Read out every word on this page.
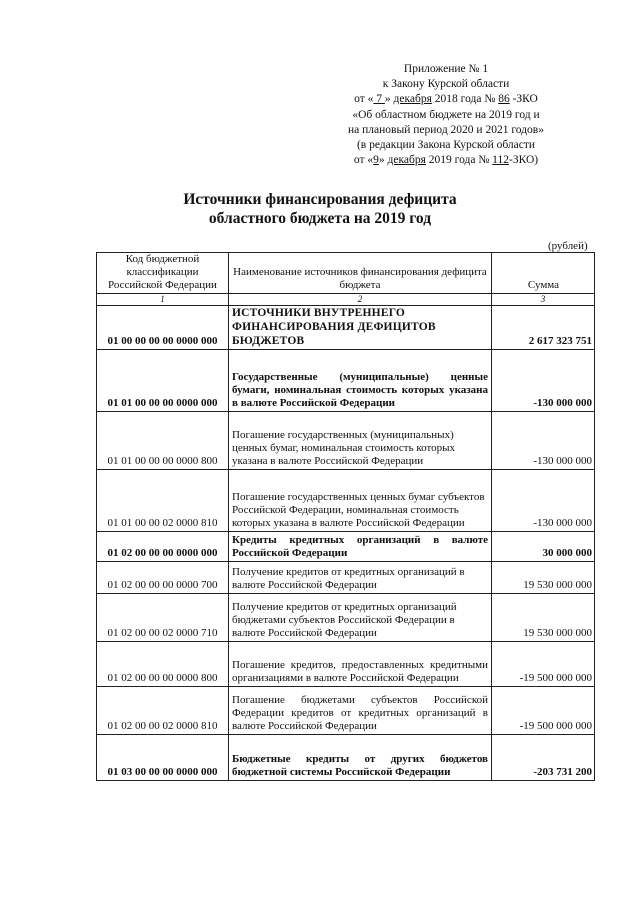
Приложение № 1
к Закону Курской области
от « 7 » декабря 2018 года № 86 -ЗКО
«Об областном бюджете на 2019 год и
на плановый период 2020 и 2021 годов»
(в редакции Закона Курской области
от «9» декабря 2019 года № 112-ЗКО)
Источники финансирования дефицита
областного бюджета на 2019 год
(рублей)
Код бюджетной классификации Российской Федерации	Наименование источников финансирования дефицита бюджета	Сумма
1	2	3
01 00 00 00 00 0000 000	ИСТОЧНИКИ ВНУТРЕННЕГО ФИНАНСИРОВАНИЯ ДЕФИЦИТОВ БЮДЖЕТОВ	2 617 323 751
01 01 00 00 00 0000 000	Государственные (муниципальные) ценные бумаги, номинальная стоимость которых указана в валюте Российской Федерации	-130 000 000
01 01 00 00 00 0000 800	Погашение государственных (муниципальных) ценных бумаг, номинальная стоимость которых указана в валюте Российской Федерации	-130 000 000
01 01 00 00 02 0000 810	Погашение государственных ценных бумаг субъектов Российской Федерации, номинальная стоимость которых указана в валюте Российской Федерации	-130 000 000
01 02 00 00 00 0000 000	Кредиты кредитных организаций в валюте Российской Федерации	30 000 000
01 02 00 00 00 0000 700	Получение кредитов от кредитных организаций в валюте Российской Федерации	19 530 000 000
01 02 00 00 02 0000 710	Получение кредитов от кредитных организаций бюджетами субъектов Российской Федерации в валюте Российской Федерации	19 530 000 000
01 02 00 00 00 0000 800	Погашение кредитов, предоставленных кредитными организациями в валюте Российской Федерации	-19 500 000 000
01 02 00 00 02 0000 810	Погашение бюджетами субъектов Российской Федерации кредитов от кредитных организаций в валюте Российской Федерации	-19 500 000 000
01 03 00 00 00 0000 000	Бюджетные кредиты от других бюджетов бюджетной системы Российской Федерации	-203 731 200
